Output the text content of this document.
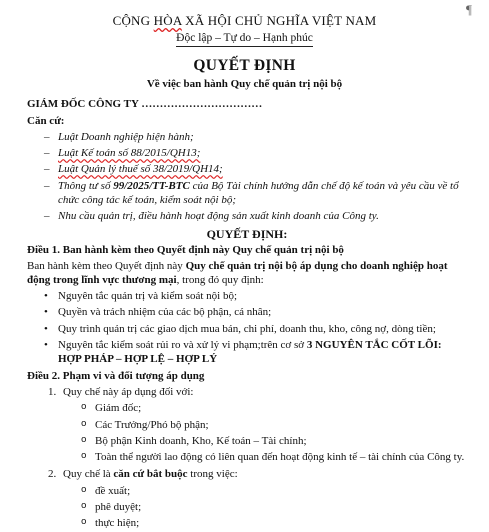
¶
CỘNG HÒA XÃ HỘI CHỦ NGHĨA VIỆT NAM
Độc lập – Tự do – Hạnh phúc
QUYẾT ĐỊNH
Về việc ban hành Quy chế quản trị nội bộ
GIÁM ĐỐC CÔNG TY ……………………………
Căn cứ:
– Luật Doanh nghiệp hiện hành;
– Luật Kế toán số 88/2015/QH13;
– Luật Quản lý thuế số 38/2019/QH14;
– Thông tư số 99/2025/TT-BTC của Bộ Tài chính hướng dẫn chế độ kế toán và yêu cầu về tổ chức công tác kế toán, kiểm soát nội bộ;
– Nhu cầu quản trị, điều hành hoạt động sản xuất kinh doanh của Công ty.
QUYẾT ĐỊNH:
Điều 1. Ban hành kèm theo Quyết định này Quy chế quản trị nội bộ
Ban hành kèm theo Quyết định này Quy chế quản trị nội bộ áp dụng cho doanh nghiệp hoạt động trong lĩnh vực thương mại, trong đó quy định:
• Nguyên tắc quản trị và kiểm soát nội bộ;
• Quyền và trách nhiệm của các bộ phận, cá nhân;
• Quy trình quản trị các giao dịch mua bán, chi phí, doanh thu, kho, công nợ, dòng tiền;
• Nguyên tắc kiểm soát rủi ro và xử lý vi phạm;trên cơ sở 3 NGUYÊN TẮC CỐT LÕI: HỢP PHÁP – HỢP LỆ – HỢP LÝ
Điều 2. Phạm vi và đối tượng áp dụng
1. Quy chế này áp dụng đối với:
o Giám đốc;
o Các Trưởng/Phó bộ phận;
o Bộ phận Kinh doanh, Kho, Kế toán – Tài chính;
o Toàn thể người lao động có liên quan đến hoạt động kinh tế – tài chính của Công ty.
2. Quy chế là căn cứ bắt buộc trong việc:
o đề xuất;
o phê duyệt;
o thực hiện;
